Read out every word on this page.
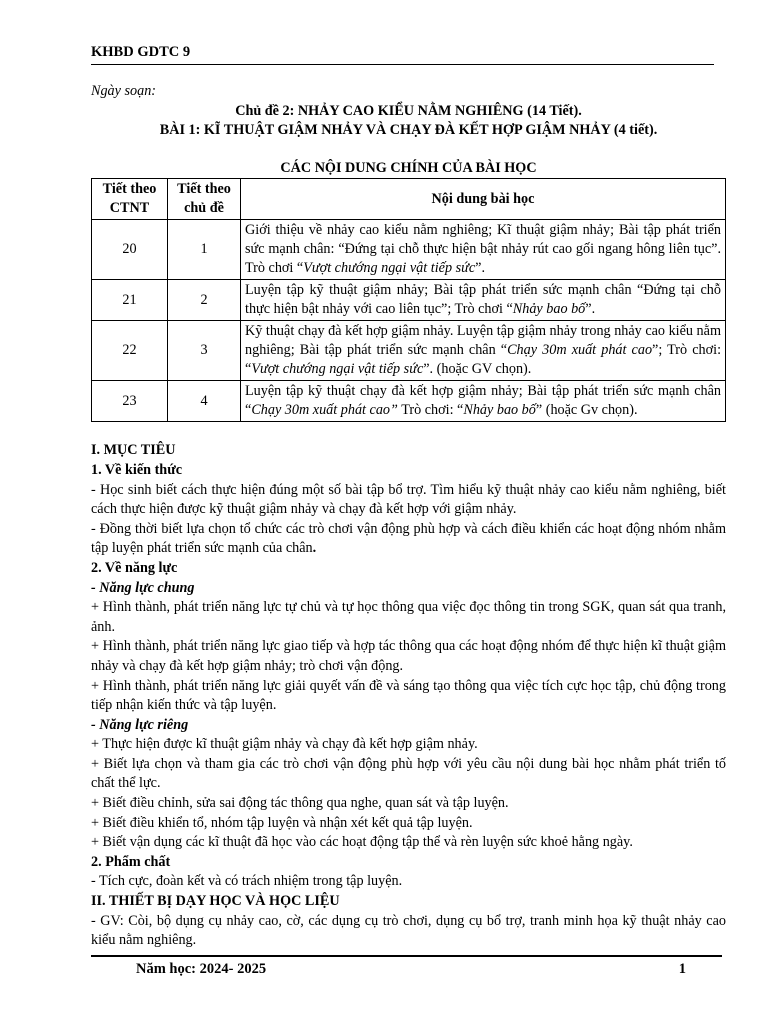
KHBD GDTC 9
Ngày soạn:
Chủ đề 2: NHẢY CAO KIỂU NẰM NGHIÊNG (14 Tiết).
BÀI 1: KĨ THUẬT GIẬM NHẢY VÀ CHẠY ĐÀ KẾT HỢP GIẬM NHẢY (4 tiết).
CÁC NỘI DUNG CHÍNH CỦA BÀI HỌC
Tiết theo CTNT	Tiết theo chủ đề	Nội dung bài học
20	1	Giới thiệu về nhảy cao kiểu nằm nghiêng; Kĩ thuật giậm nhảy; Bài tập phát triển sức mạnh chân: “Đứng tại chỗ thực hiện bật nhảy rút cao gối ngang hông liên tục”. Trò chơi “Vượt chướng ngại vật tiếp sức”.
21	2	Luyện tập kỹ thuật giậm nhảy; Bài tập phát triển sức mạnh chân “Đứng tại chỗ thực hiện bật nhảy với cao liên tục”; Trò chơi “Nhảy bao bố”.
22	3	Kỹ thuật chạy đà kết hợp giậm nhảy. Luyện tập giậm nhảy trong nhảy cao kiểu nằm nghiêng; Bài tập phát triển sức mạnh chân “Chạy 30m xuất phát cao”; Trò chơi: “Vượt chướng ngại vật tiếp sức”. (hoặc GV chọn).
23	4	Luyện tập kỹ thuật chạy đà kết hợp giậm nhảy; Bài tập phát triển sức mạnh chân “Chạy 30m xuất phát cao” Trò chơi: “Nhảy bao bố” (hoặc Gv chọn).
I. MỤC TIÊU
1. Về kiến thức

- Học sinh biết cách thực hiện đúng một số bài tập bổ trợ. Tìm hiểu kỹ thuật nhảy cao kiểu nằm nghiêng, biết cách thực hiện được kỹ thuật giậm nhảy và chạy đà kết hợp với giậm nhảy.

- Đồng thời biết lựa chọn tổ chức các trò chơi vận động phù hợp và cách điều khiển các hoạt động nhóm nhằm tập luyện phát triển sức mạnh của chân.

2. Về năng lực
- Năng lực chung

+ Hình thành, phát triển năng lực tự chủ và tự học thông qua việc đọc thông tin trong SGK, quan sát qua tranh, ảnh.

+ Hình thành, phát triển năng lực giao tiếp và hợp tác thông qua các hoạt động nhóm để thực hiện kĩ thuật giậm nhảy và chạy đà kết hợp giậm nhảy; trò chơi vận động.

+ Hình thành, phát triển năng lực giải quyết vấn đề và sáng tạo thông qua việc tích cực học tập, chủ động trong tiếp nhận kiến thức và tập luyện.

- Năng lực riêng

+ Thực hiện được kĩ thuật giậm nhảy và chạy đà kết hợp giậm nhảy.

+ Biết lựa chọn và tham gia các trò chơi vận động phù hợp với yêu cầu nội dung bài học nhằm phát triển tố chất thể lực.

+ Biết điều chỉnh, sửa sai động tác thông qua nghe, quan sát và tập luyện.

+ Biết điều khiển tổ, nhóm tập luyện và nhận xét kết quả tập luyện.

+ Biết vận dụng các kĩ thuật đã học vào các hoạt động tập thể và rèn luyện sức khoẻ hằng ngày.

2. Phẩm chất

- Tích cực, đoàn kết và có trách nhiệm trong tập luyện.

II. THIẾT BỊ DẠY HỌC VÀ HỌC LIỆU

- GV: Còi, bộ dụng cụ nhảy cao, cờ, các dụng cụ trò chơi, dụng cụ bổ trợ, tranh minh họa kỹ thuật nhảy cao kiểu nằm nghiêng.

Năm học: 2024- 2025	1
